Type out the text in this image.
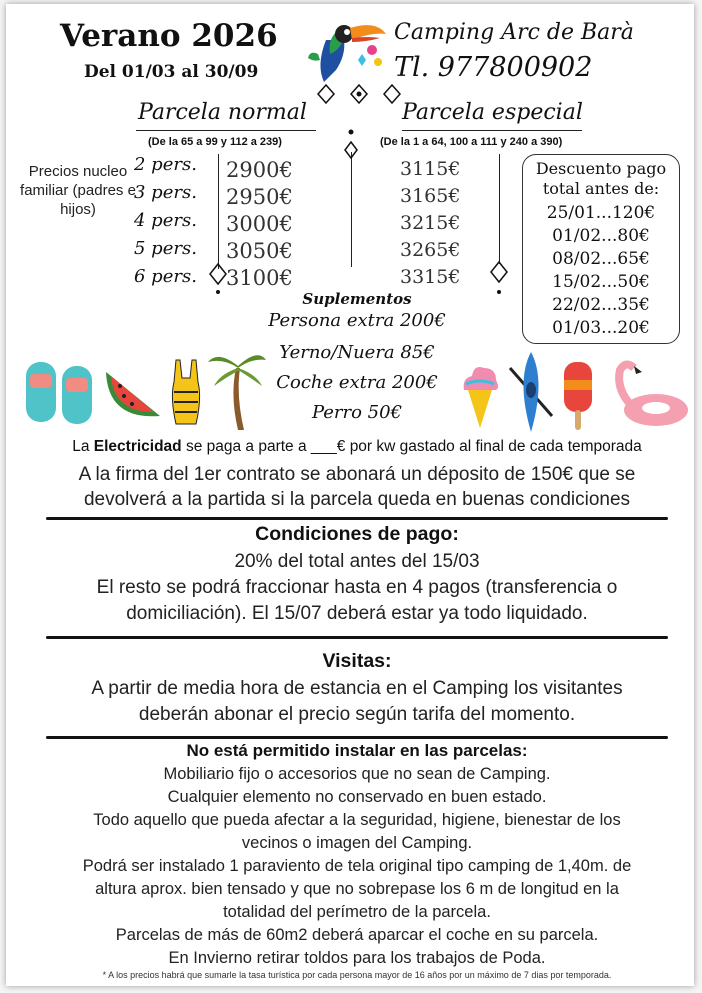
Verano 2026
Del 01/03 al 30/09
Camping Arc de Barà
Tl. 977800902
Parcela normal
(De la 65 a 99 y 112 a 239)
Parcela especial
(De la 1 a 64, 100 a 111 y 240 a 390)
Precios nucleo familiar (padres e hijos)
2 pers.
3 pers.
4 pers.
5 pers.
6 pers.
2900€
2950€
3000€
3050€
3100€
3115€
3165€
3215€
3265€
3315€
Descuento pago
total antes de:
25/01...120€
01/02...80€
08/02...65€
15/02...50€
22/02...35€
01/03...20€
Suplementos
Persona extra 200€
Yerno/Nuera 85€
Coche extra 200€
Perro 50€
La Electricidad se paga a parte a ___€ por kw gastado al final de cada temporada
A la firma del 1er contrato se abonará un déposito de 150€ que se
devolverá a la partida si la parcela queda en buenas condiciones
Condiciones de pago:
20% del total antes del 15/03
El resto se podrá fraccionar hasta en 4 pagos (transferencia o
domiciliación). El 15/07 deberá estar ya todo liquidado.
Visitas:
A partir de media hora de estancia en el Camping los visitantes
deberán abonar el precio según tarifa del momento.
No está permitido instalar en las parcelas:
Mobiliario fijo o accesorios que no sean de Camping.
Cualquier elemento no conservado en buen estado.
Todo aquello que pueda afectar a la seguridad, higiene, bienestar de los
vecinos o imagen del Camping.
Podrá ser instalado 1 paraviento de tela original tipo camping de 1,40m. de
altura aprox. bien tensado y que no sobrepase los 6 m de longitud en la
totalidad del perímetro de la parcela.
Parcelas de más de 60m2 deberá aparcar el coche en su parcela.
En Invierno retirar toldos para los trabajos de Poda.
* A los precios habrá que sumarle la tasa turística por cada persona mayor de 16 años por un máximo de 7 dias por temporada.
